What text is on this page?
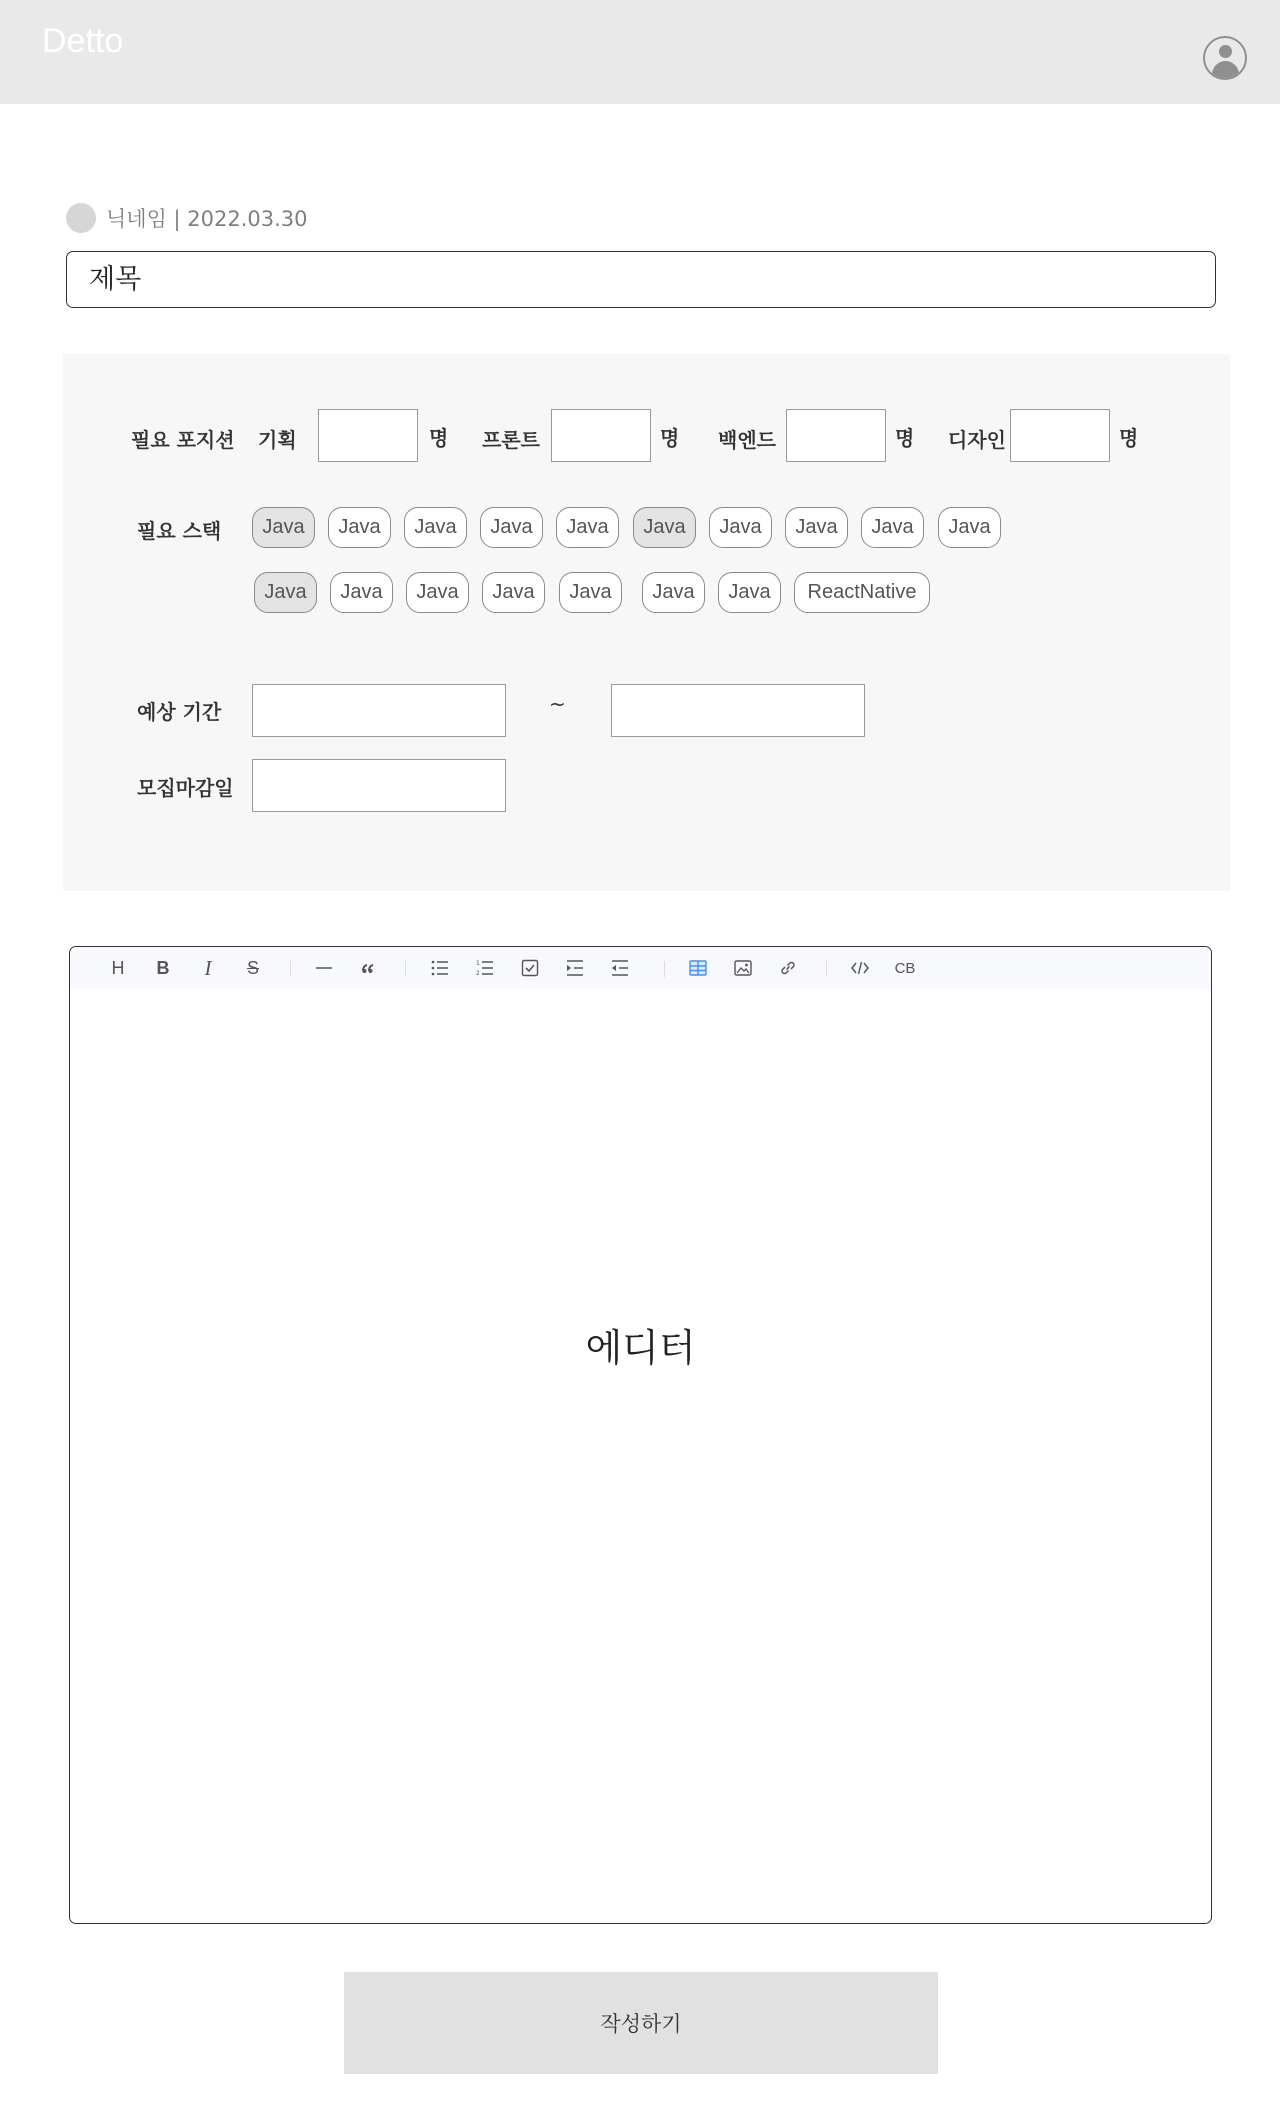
Detto
닉네임 | 2022.03.30
제목
필요 포지션 기획	명 프론트	명 백엔드	명 디자인	명
필요 스택	Java	Java	Java	Java	Java	Java	Java	Java	Java	Java
Java	Java	Java	Java	Java	Java	Java	ReactNative
예상 기간	~
모집마감일
H	B	I	S	1
2	CB
에디터
작성하기
